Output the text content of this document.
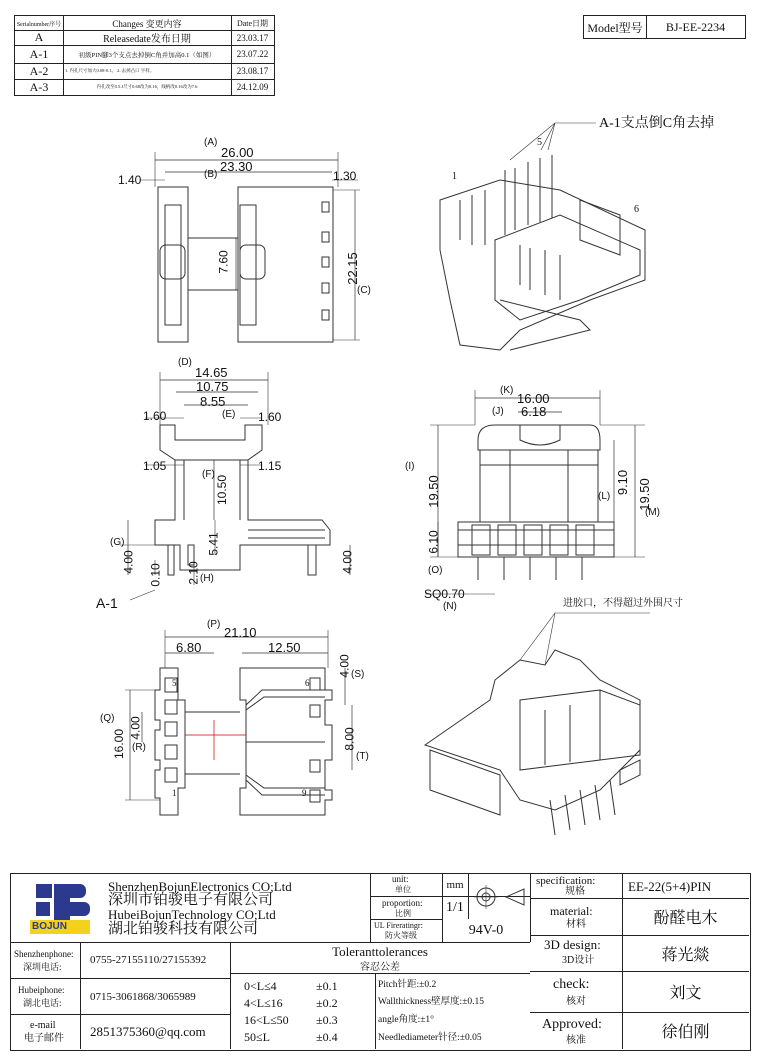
Serialnumber序号	Changes 变更内容	Date日期
A	Releasedate发布日期	23.03.17
A-1	初級PIN腳3个支点去掉倒C角并加高0.1（如图）	23.07.22
A-2	1. 内孔尺寸加大0.08-0.1。 2. 去掉凸口 字样。	23.08.17
A-3	内孔改至0.5.J尺寸0.68改为0.16，线柄改0.16改为7.6	24.12.09
Model型号	BJ-EE-2234
A-1支点倒C角去掉
进胶口，不得超过外围尺寸
(A)
26.00
23.30
(B)
1.40	1.30
22.15
(C)
7.60
1
5
6
(D)
14.65
10.75
8.55
(E)
1.60	1.60
1.05	1.15
(F)
10.50
(G)	5.41
4.00
0.10 2.10 (H)
4.00
A-1
(K)
16.00
(J) 6.18
(I)
19.50	(L)
9.10 19.50
(M)
6.10
(O)
SQ0.70
(N)
(P)
21.10
6.80	12.50
4.00 (S)
(Q)
16.00
4.00
(R)	8.00
(T)
5
1
6
9
BOJUN
ShenzhenBojunElectronics CO;Ltd
深圳市铂骏电子有限公司
HubeiBojunTechnology CO;Ltd
湖北铂骏科技有限公司
unit:
单位	mm
proportion:
比例	1/1
UL Fireratingr:
防火等级	94V-0
specification:
规格	EE-22(5+4)PIN
material:
材料	酚醛电木
3D design:
3D设计	蒋光燚
check:
核对	刘文
Approved:
核准	徐伯刚
Shenzhenphone:
深圳电话:
0755-27155110/27155392
Hubeiphone:
湖北电话:	0715-3061868/3065989
e-mail
电子邮件 2851375360@qq.com
Toleranttolerances
容忍公差
0<L≤4	±0.1
4<L≤16	±0.2
16<L≤50 ±0.3
50≤L	±0.4
Pitch针距:±0.2
Wallthickness壁厚度:±0.15
angle角度:±1°
Needlediameter针径:±0.05
